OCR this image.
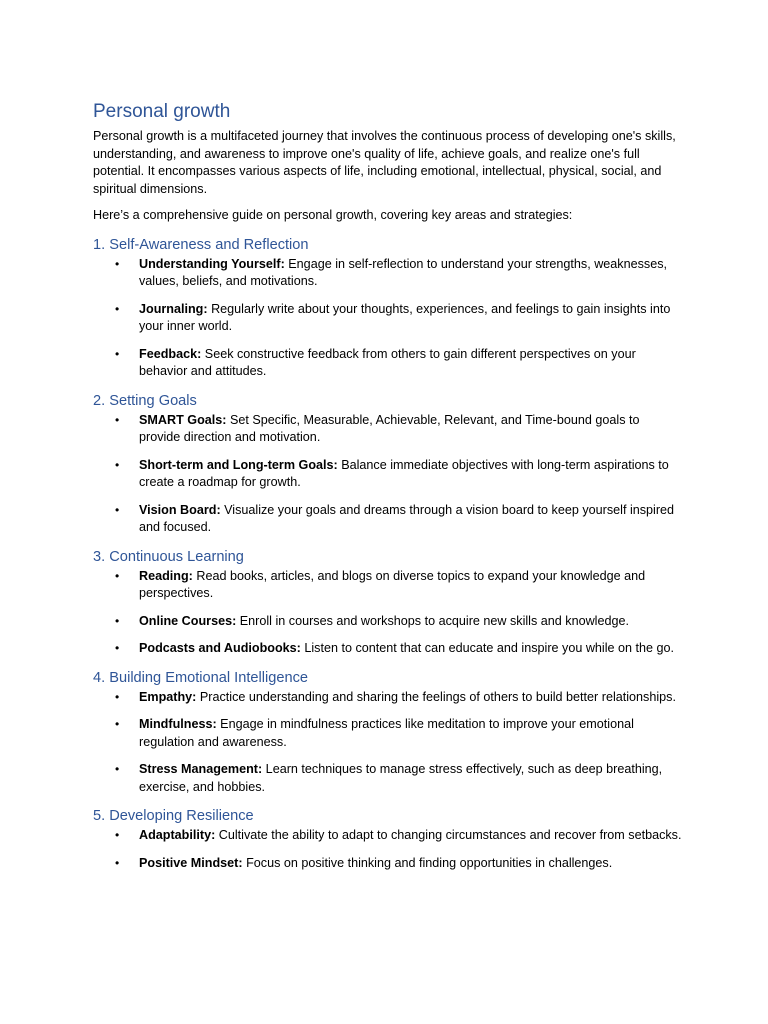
Personal growth

Personal growth is a multifaceted journey that involves the continuous process of developing one's skills, understanding, and awareness to improve one's quality of life, achieve goals, and realize one's full potential. It encompasses various aspects of life, including emotional, intellectual, physical, social, and spiritual dimensions.

Here’s a comprehensive guide on personal growth, covering key areas and strategies:

1. Self-Awareness and Reflection
• Understanding Yourself: Engage in self-reflection to understand your strengths, weaknesses, values, beliefs, and motivations.
• Journaling: Regularly write about your thoughts, experiences, and feelings to gain insights into your inner world.
• Feedback: Seek constructive feedback from others to gain different perspectives on your behavior and attitudes.
2. Setting Goals
• SMART Goals: Set Specific, Measurable, Achievable, Relevant, and Time-bound goals to provide direction and motivation.
• Short-term and Long-term Goals: Balance immediate objectives with long-term aspirations to create a roadmap for growth.
• Vision Board: Visualize your goals and dreams through a vision board to keep yourself inspired and focused.
3. Continuous Learning
• Reading: Read books, articles, and blogs on diverse topics to expand your knowledge and perspectives.
• Online Courses: Enroll in courses and workshops to acquire new skills and knowledge.
• Podcasts and Audiobooks: Listen to content that can educate and inspire you while on the go.
4. Building Emotional Intelligence
• Empathy: Practice understanding and sharing the feelings of others to build better relationships.
• Mindfulness: Engage in mindfulness practices like meditation to improve your emotional regulation and awareness.
• Stress Management: Learn techniques to manage stress effectively, such as deep breathing, exercise, and hobbies.
5. Developing Resilience
• Adaptability: Cultivate the ability to adapt to changing circumstances and recover from setbacks.
• Positive Mindset: Focus on positive thinking and finding opportunities in challenges.
